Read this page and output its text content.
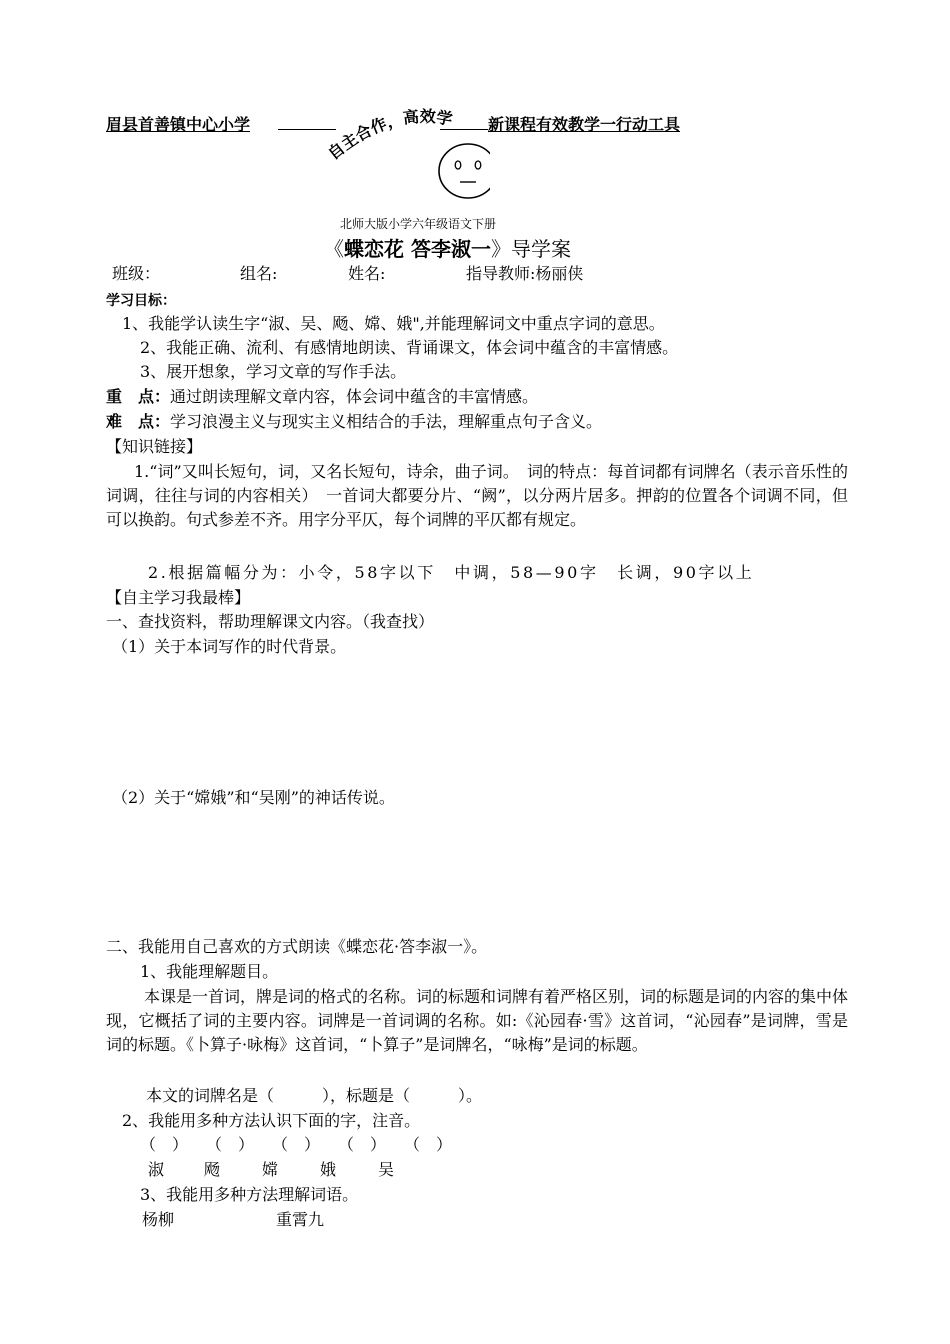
眉县首善镇中心小学	新课程有效教学一行动工具
自主合作，高效学
北师大版小学六年级语文下册
《蝶恋花 答李淑一》导学案
班级：	组名:	姓名:	指导教师:杨丽侠
学习目标：
1、我能学认读生字“淑、吴、飏、嫦、娥",并能理解词文中重点字词的意思。
2、我能正确、流利、有感情地朗读、背诵课文，体会词中蕴含的丰富情感。
3、展开想象，学习文章的写作手法。
重　点：通过朗读理解文章内容，体会词中蕴含的丰富情感。
难　点：学习浪漫主义与现实主义相结合的手法，理解重点句子含义。
【知识链接】
1.“词”又叫长短句，词，又名长短句，诗余，曲子词。　词的特点：每首词都有词牌名（表示音乐性的词调，往往与词的内容相关）　一首词大都要分片、“阙”，以分两片居多。押韵的位置各个词调不同，但可以换韵。句式参差不齐。用字分平仄，每个词牌的平仄都有规定。
2.根据篇幅分为：小令，58字以下　中调，58—90字　长调，90字以上
【自主学习我最棒】
一、查找资料，帮助理解课文内容。（我查找）
（1）关于本词写作的时代背景。
（2）关于“嫦娥”和“吴刚”的神话传说。
二、我能用自己喜欢的方式朗读《蝶恋花·答李淑一》。
1、我能理解题目。
本课是一首词，牌是词的格式的名称。词的标题和词牌有着严格区别，词的标题是词的内容的集中体现，它概括了词的主要内容。词牌是一首词调的名称。如:《沁园春·雪》这首词，“沁园春”是词牌，雪是词的标题。《卜算子·咏梅》这首词，“卜算子”是词牌名，“咏梅”是词的标题。
本文的词牌名是（　　　），标题是（　　　）。
2、我能用多种方法认识下面的字，注音。
（　） （　） （　） （　） （　）
淑 飏	嫦	娥	吴
3、我能用多种方法理解词语。
杨柳	重霄九
